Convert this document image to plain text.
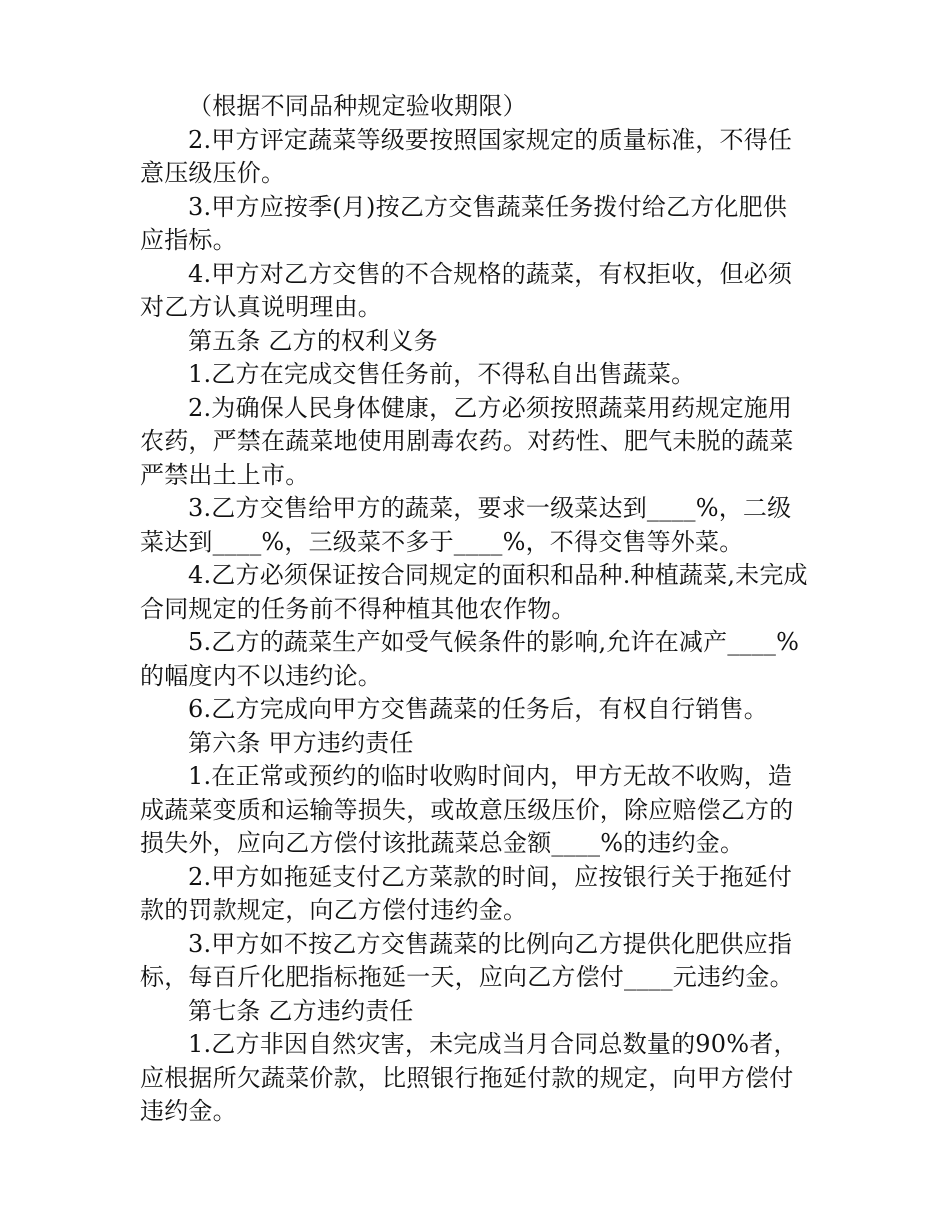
（根据不同品种规定验收期限）

2.甲方评定蔬菜等级要按照国家规定的质量标准，不得任意压级压价。

3.甲方应按季(月)按乙方交售蔬菜任务拨付给乙方化肥供应指标。

4.甲方对乙方交售的不合规格的蔬菜，有权拒收，但必须对乙方认真说明理由。

第五条 乙方的权利义务

1.乙方在完成交售任务前，不得私自出售蔬菜。

2.为确保人民身体健康，乙方必须按照蔬菜用药规定施用农药，严禁在蔬菜地使用剧毒农药。对药性、肥气未脱的蔬菜严禁出土上市。

3.乙方交售给甲方的蔬菜，要求一级菜达到____%，二级菜达到____%，三级菜不多于____%，不得交售等外菜。

4.乙方必须保证按合同规定的面积和品种.种植蔬菜,未完成合同规定的任务前不得种植其他农作物。

5.乙方的蔬菜生产如受气候条件的影响,允许在减产____%的幅度内不以违约论。

6.乙方完成向甲方交售蔬菜的任务后，有权自行销售。

第六条 甲方违约责任

1.在正常或预约的临时收购时间内，甲方无故不收购，造成蔬菜变质和运输等损失，或故意压级压价，除应赔偿乙方的损失外，应向乙方偿付该批蔬菜总金额____%的违约金。

2.甲方如拖延支付乙方菜款的时间，应按银行关于拖延付款的罚款规定，向乙方偿付违约金。

3.甲方如不按乙方交售蔬菜的比例向乙方提供化肥供应指标，每百斤化肥指标拖延一天，应向乙方偿付____元违约金。

第七条 乙方违约责任

1.乙方非因自然灾害，未完成当月合同总数量的90%者，应根据所欠蔬菜价款，比照银行拖延付款的规定，向甲方偿付违约金。
